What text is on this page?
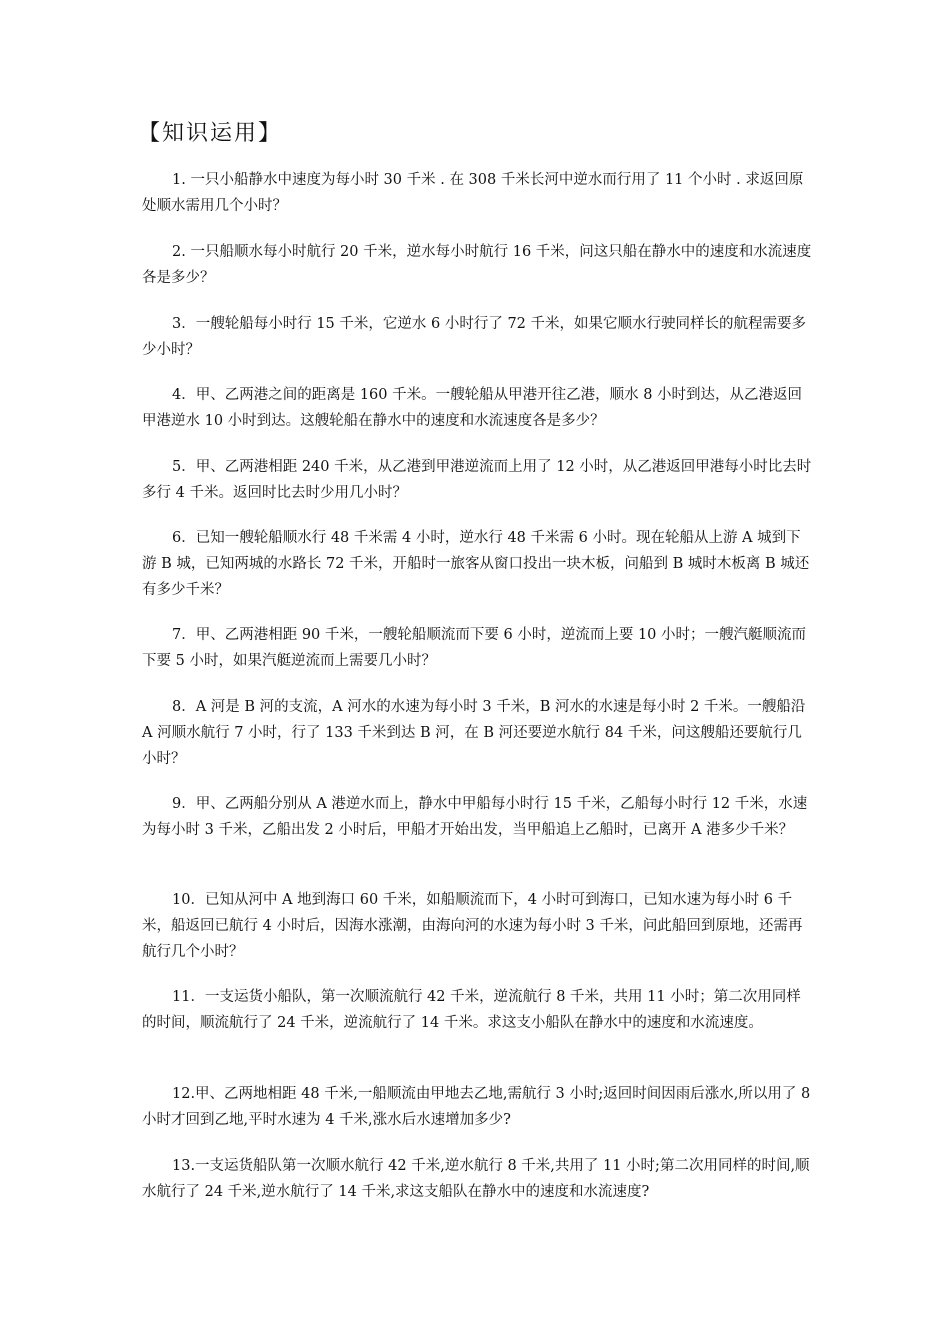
【知识运用】

1. 一只小船静水中速度为每小时 30 千米 . 在 308 千米长河中逆水而行用了 11 个小时 . 求返回原处顺水需用几个小时？

2. 一只船顺水每小时航行 20 千米，逆水每小时航行 16 千米，问这只船在静水中的速度和水流速度各是多少？

3．一艘轮船每小时行 15 千米，它逆水 6 小时行了 72 千米，如果它顺水行驶同样长的航程需要多少小时？

4．甲、乙两港之间的距离是 160 千米。一艘轮船从甲港开往乙港，顺水 8 小时到达，从乙港返回甲港逆水 10 小时到达。这艘轮船在静水中的速度和水流速度各是多少？

5．甲、乙两港相距 240 千米，从乙港到甲港逆流而上用了 12 小时，从乙港返回甲港每小时比去时多行 4 千米。返回时比去时少用几小时？

6．已知一艘轮船顺水行 48 千米需 4 小时，逆水行 48 千米需 6 小时。现在轮船从上游 A 城到下游 B 城，已知两城的水路长 72 千米，开船时一旅客从窗口投出一块木板，问船到 B 城时木板离 B 城还有多少千米？

7．甲、乙两港相距 90 千米，一艘轮船顺流而下要 6 小时，逆流而上要 10 小时；一艘汽艇顺流而下要 5 小时，如果汽艇逆流而上需要几小时？

8．A 河是 B 河的支流，A 河水的水速为每小时 3 千米，B 河水的水速是每小时 2 千米。一艘船沿 A 河顺水航行 7 小时，行了 133 千米到达 B 河，在 B 河还要逆水航行 84 千米，问这艘船还要航行几小时？

9．甲、乙两船分别从 A 港逆水而上，静水中甲船每小时行 15 千米，乙船每小时行 12 千米，水速为每小时 3 千米，乙船出发 2 小时后，甲船才开始出发，当甲船追上乙船时，已离开 A 港多少千米？

10．已知从河中 A 地到海口 60 千米，如船顺流而下，4 小时可到海口，已知水速为每小时 6 千米，船返回已航行 4 小时后，因海水涨潮，由海向河的水速为每小时 3 千米，问此船回到原地，还需再航行几个小时？

11．一支运货小船队，第一次顺流航行 42 千米，逆流航行 8 千米，共用 11 小时；第二次用同样的时间，顺流航行了 24 千米，逆流航行了 14 千米。求这支小船队在静水中的速度和水流速度。

12.甲、乙两地相距 48 千米,一船顺流由甲地去乙地,需航行 3 小时;返回时间因雨后涨水,所以用了 8 小时才回到乙地,平时水速为 4 千米,涨水后水速增加多少?

13.一支运货船队第一次顺水航行 42 千米,逆水航行 8 千米,共用了 11 小时;第二次用同样的时间,顺水航行了 24 千米,逆水航行了 14 千米,求这支船队在静水中的速度和水流速度?
